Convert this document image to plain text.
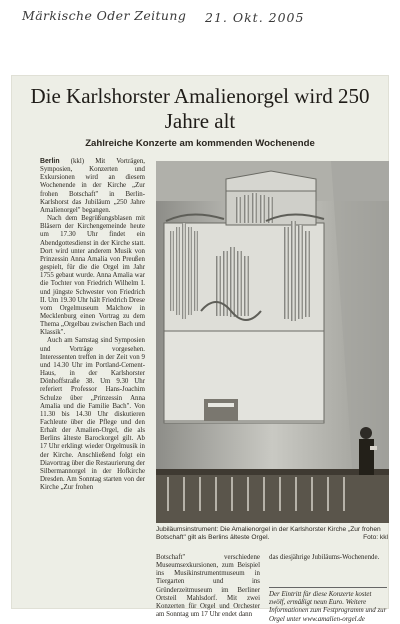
Märkische Oder Zeitung	21. Okt. 2005
Die Karlshorster Amalienorgel wird 250 Jahre alt
Zahlreiche Konzerte am kommenden Wochenende

Berlin (kkl) Mit Vorträgen, Symposien, Konzerten und Exkursionen wird an diesem Wochenende in der Kirche „Zur frohen Botschaft" in Berlin-Karlshorst das Jubiläum „250 Jahre Amalienorgel" begangen.

Nach dem Begrüßungsblasen mit Bläsern der Kirchengemeinde heute um 17.30 Uhr findet ein Abendgottesdienst in der Kirche statt. Dort wird unter anderem Musik von Prinzessin Anna Amalia von Preußen gespielt, für die die Orgel im Jahr 1755 gebaut wurde. Anna Amalia war die Tochter von Friedrich Wilhelm I. und jüngste Schwester von Friedrich II. Um 19.30 Uhr hält Friedrich Drese vom Orgelmuseum Malchow in Mecklenburg einen Vortrag zu dem Thema „Orgelbau zwischen Bach und Klassik".

Auch am Samstag sind Symposien und Vorträge vorgesehen. Interessenten treffen in der Zeit von 9 und 14.30 Uhr im Portland-Cement-Haus, in der Karlshorster Dönhoffstraße 38. Um 9.30 Uhr referiert Professor Hans-Joachim Schulze über „Prinzessin Anna Amalia und die Familie Bach". Von 11.30 bis 14.30 Uhr diskutieren Fachleute über die Pflege und den Erhalt der Amalien-Orgel, die als Berlins älteste Barockorgel gilt. Ab 17 Uhr erklingt wieder Orgelmusik in der Kirche. Anschließend folgt ein Diavortrag über die Restaurierung der Silbermannorgel in der Hofkirche Dresden. Am Sonntag starten von der Kirche „Zur frohen

Jubiläumsinstrument: Die Amalienorgel in der Karlshorster Kirche „Zur frohen Botschaft" gilt als Berlins älteste Orgel.	Foto: kkl
Botschaft" verschiedene Museumsexkursionen, zum Beispiel ins Musikinstrumentmuseum in Tiergarten und ins Gründerzeitmuseum im Berliner Ortsteil Mahlsdorf. Mit zwei Konzerten für Orgel und Orchester am Sonntag um 17 Uhr endet dann

das diesjährige Jubiläums-Wochenende.

Der Eintritt für diese Konzerte kostet zwölf, ermäßigt neun Euro. Weitere Informationen zum Festprogramm und zur Orgel unter www.amalien-orgel.de
